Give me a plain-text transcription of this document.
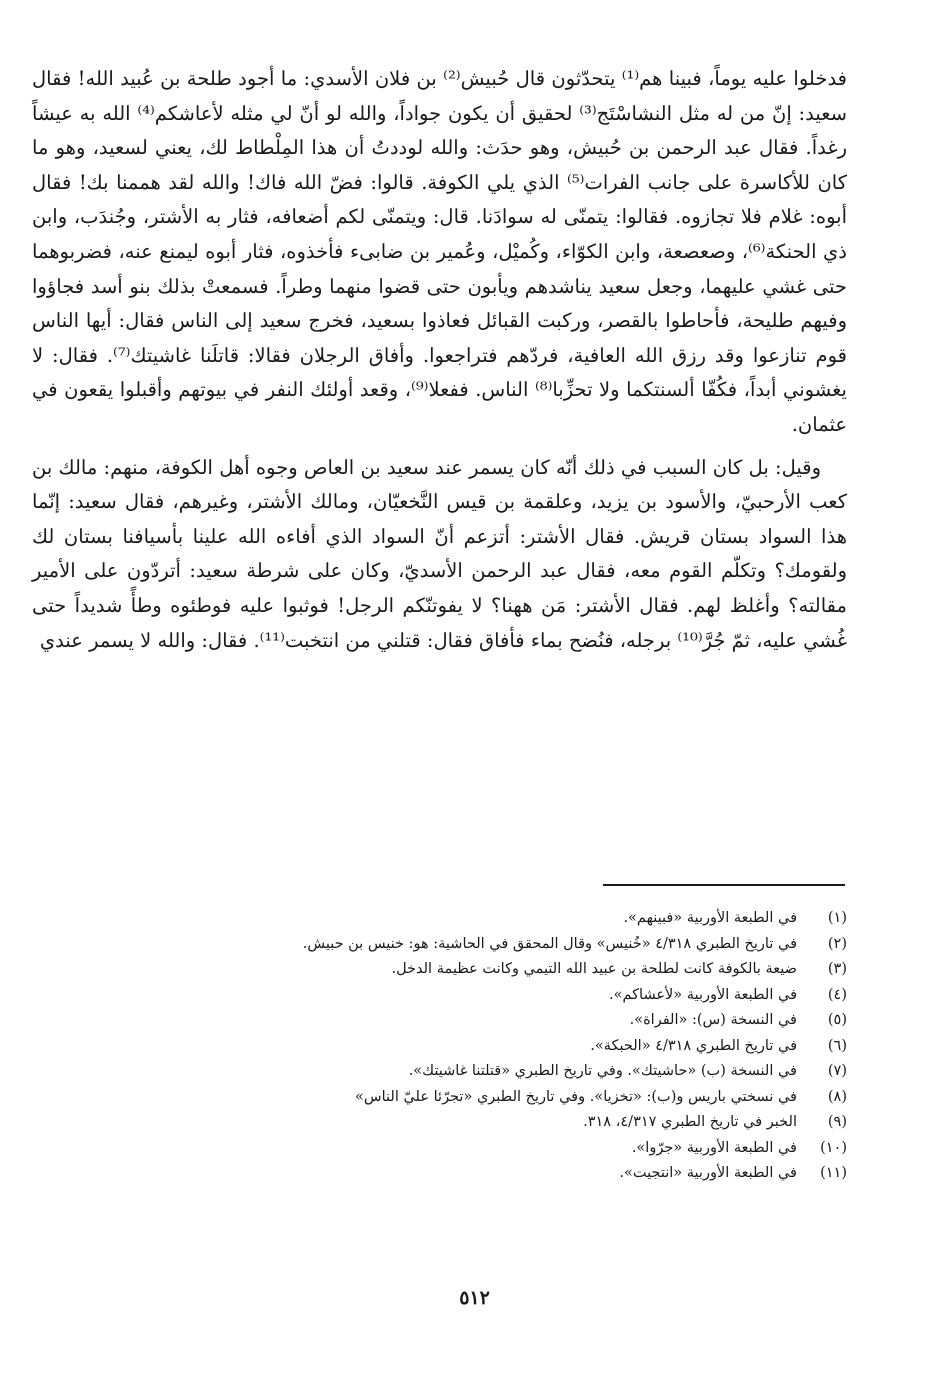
فدخلوا عليه يوماً، فبينا هم⁽¹⁾ يتحدّثون قال حُبيش⁽²⁾ بن فلان الأسدي: ما أجود طلحة بن عُبيد الله! فقال سعيد: إنّ من له مثل النشاسْتَج⁽³⁾ لحقيق أن يكون جواداً، والله لو أنّ لي مثله لأعاشكم⁽⁴⁾ الله به عيشاً رغداً. فقال عبد الرحمن بن حُبيش، وهو حدَث: والله لوددتُ أن هذا المِلْطاط لك، يعني لسعيد، وهو ما كان للأكاسرة على جانب الفرات⁽⁵⁾ الذي يلي الكوفة. قالوا: فضّ الله فاك! والله لقد هممنا بك! فقال أبوه: غلام فلا تجازوه. فقالوا: يتمنّى له سوادَنا. قال: ويتمنّى لكم أضعافه، فثار به الأشتر، وجُندَب، وابن ذي الحنكة⁽⁶⁾، وصعصعة، وابن الكوّاء، وكُميْل، وعُمير بن ضابىء فأخذوه، فثار أبوه ليمنع عنه، فضربوهما حتى غشي عليهما، وجعل سعيد يناشدهم ويأبون حتى قضوا منهما وطراً. فسمعتْ بذلك بنو أسد فجاؤوا وفيهم طليحة، فأحاطوا بالقصر، وركبت القبائل فعاذوا بسعيد، فخرج سعيد إلى الناس فقال: أيها الناس قوم تنازعوا وقد رزق الله العافية، فردّهم فتراجعوا. وأفاق الرجلان فقالا: قاتلَنا غاشيتك⁽⁷⁾. فقال: لا يغشوني أبداً، فكُفّا ألسنتكما ولا تحزِّبا⁽⁸⁾ الناس. ففعلا⁽⁹⁾، وقعد أولئك النفر في بيوتهم وأقبلوا يقعون في عثمان.

وقيل: بل كان السبب في ذلك أنّه كان يسمر عند سعيد بن العاص وجوه أهل الكوفة، منهم: مالك بن كعب الأرحبيّ، والأسود بن يزيد، وعلقمة بن قيس النَّخعيّان، ومالك الأشتر، وغيرهم، فقال سعيد: إنّما هذا السواد بستان قريش. فقال الأشتر: أتزعم أنّ السواد الذي أفاءه الله علينا بأسيافنا بستان لك ولقومك؟ وتكلّم القوم معه، فقال عبد الرحمن الأسديّ، وكان على شرطة سعيد: أتردّون على الأمير مقالته؟ وأغلظ لهم. فقال الأشتر: مَن ههنا؟ لا يفوتنّكم الرجل! فوثبوا عليه فوطئوه وطأً شديداً حتى غُشي عليه، ثمّ جُرَّ⁽¹⁰⁾ برجله، فنُضح بماء فأفاق فقال: قتلني من انتخبت⁽¹¹⁾. فقال: والله لا يسمر عندي

(١)
في الطبعة الأوربية «فبينهم».
(٢)
في تاريخ الطبري ٤/٣١٨ «خُنيس» وقال المحقق في الحاشية: هو: خنيس بن حبيش.
(٣)
ضيعة بالكوفة كانت لطلحة بن عبيد الله التيمي وكانت عظيمة الدخل.
(٤)
في الطبعة الأوربية «لأعشاكم».
(٥)
في النسخة (س): «الفراة».
(٦)
في تاريخ الطبري ٤/٣١٨ «الحبكة».
(٧)
في النسخة (ب) «حاشيتك». وفي تاريخ الطبري «قتلتنا غاشيتك».
(٨)
في نسختي باريس و(ب): «تخزيا». وفي تاريخ الطبري «تجرّئا عليّ الناس»
(٩)
الخبر في تاريخ الطبري ٤/٣١٧، ٣١٨.
(١٠)
في الطبعة الأوربية «جرّوا».
(١١)
في الطبعة الأوربية «انتجيت».
٥١٢
